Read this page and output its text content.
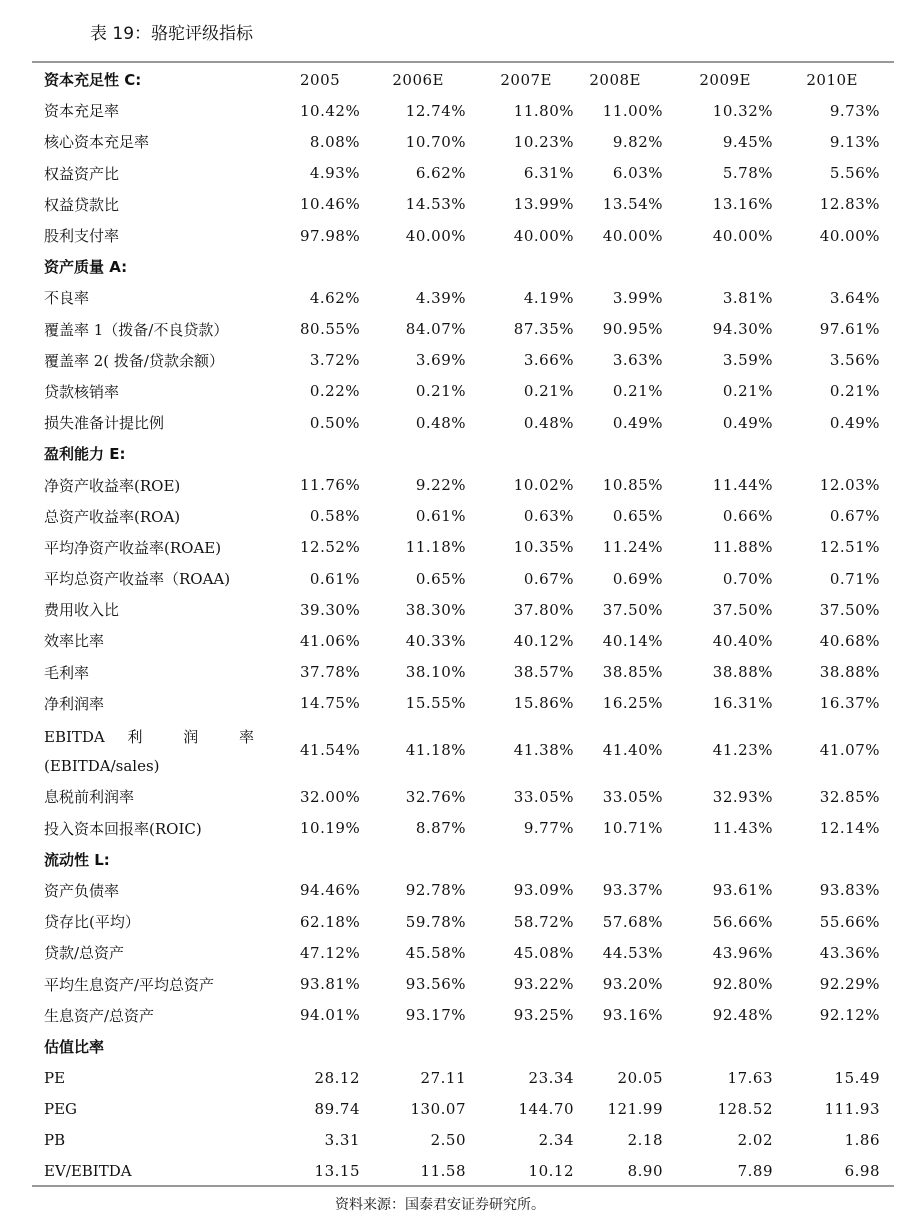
表 19：骆驼评级指标
资本充足性 C:	2005	2006E	2007E	2008E	2009E	2010E
资本充足率	10.42%	12.74%	11.80%	11.00%	10.32%	9.73%
核心资本充足率	8.08%	10.70%	10.23%	9.82%	9.45%	9.13%
权益资产比	4.93%	6.62%	6.31%	6.03%	5.78%	5.56%
权益贷款比	10.46%	14.53%	13.99%	13.54%	13.16%	12.83%
股利支付率	97.98%	40.00%	40.00%	40.00%	40.00%	40.00%
资产质量 A:						
不良率	4.62%	4.39%	4.19%	3.99%	3.81%	3.64%
覆盖率 1（拨备/不良贷款）	80.55%	84.07%	87.35%	90.95%	94.30%	97.61%
覆盖率 2( 拨备/贷款余额）	3.72%	3.69%	3.66%	3.63%	3.59%	3.56%
贷款核销率	0.22%	0.21%	0.21%	0.21%	0.21%	0.21%
损失准备计提比例	0.50%	0.48%	0.48%	0.49%	0.49%	0.49%
盈利能力 E:						
净资产收益率(ROE)	11.76%	9.22%	10.02%	10.85%	11.44%	12.03%
总资产收益率(ROA)	0.58%	0.61%	0.63%	0.65%	0.66%	0.67%
平均净资产收益率(ROAE)	12.52%	11.18%	10.35%	11.24%	11.88%	12.51%
平均总资产收益率（ROAA)	0.61%	0.65%	0.67%	0.69%	0.70%	0.71%
费用收入比	39.30%	38.30%	37.80%	37.50%	37.50%	37.50%
效率比率	41.06%	40.33%	40.12%	40.14%	40.40%	40.68%
毛利率	37.78%	38.10%	38.57%	38.85%	38.88%	38.88%
净利润率	14.75%	15.55%	15.86%	16.25%	16.31%	16.37%

EBITDA 利 润 率
(EBITDA/sales)	41.54%	41.18%	41.38%	41.40%	41.23%	41.07%
息税前利润率	32.00%	32.76%	33.05%	33.05%	32.93%	32.85%
投入资本回报率(ROIC)	10.19%	8.87%	9.77%	10.71%	11.43%	12.14%
流动性 L:						
资产负债率	94.46%	92.78%	93.09%	93.37%	93.61%	93.83%
贷存比(平均）	62.18%	59.78%	58.72%	57.68%	56.66%	55.66%
贷款/总资产	47.12%	45.58%	45.08%	44.53%	43.96%	43.36%
平均生息资产/平均总资产	93.81%	93.56%	93.22%	93.20%	92.80%	92.29%
生息资产/总资产	94.01%	93.17%	93.25%	93.16%	92.48%	92.12%
估值比率						
PE	28.12	27.11	23.34	20.05	17.63	15.49
PEG	89.74	130.07	144.70	121.99	128.52	111.93
PB	3.31	2.50	2.34	2.18	2.02	1.86
EV/EBITDA	13.15	11.58	10.12	8.90	7.89	6.98
资料来源：国泰君安证券研究所。
